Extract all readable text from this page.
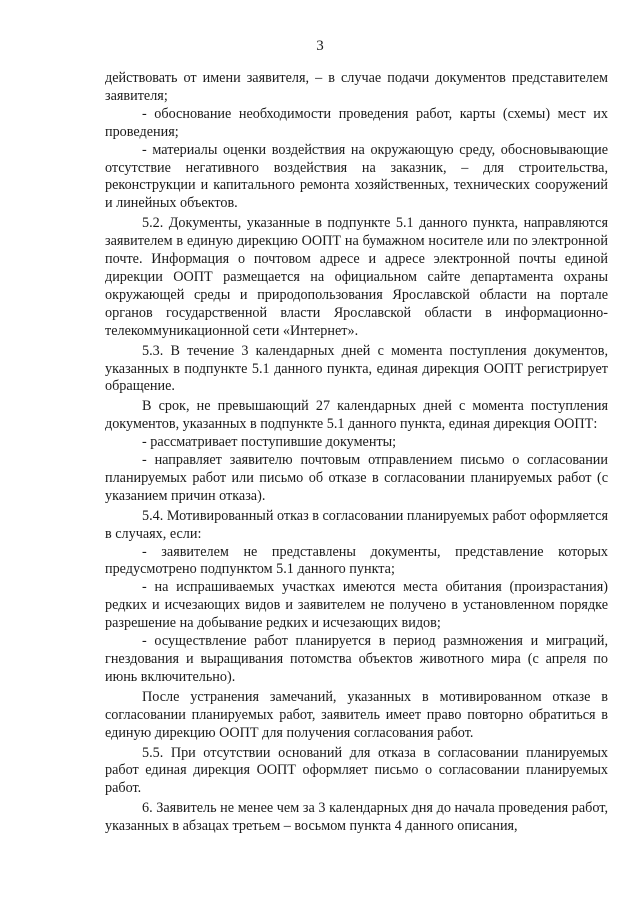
3

действовать от имени заявителя, – в случае подачи документов представителем заявителя;

- обоснование необходимости проведения работ, карты (схемы) мест их проведения;

- материалы оценки воздействия на окружающую среду, обосновывающие отсутствие негативного воздействия на заказник, – для строительства, реконструкции и капитального ремонта хозяйственных, технических сооружений и линейных объектов.

5.2. Документы, указанные в подпункте 5.1 данного пункта, направляются заявителем в единую дирекцию ООПТ на бумажном носителе или по электронной почте. Информация о почтовом адресе и адресе электронной почты единой дирекции ООПТ размещается на официальном сайте департамента охраны окружающей среды и природопользования Ярославской области на портале органов государственной власти Ярославской области в информационно-телекоммуникационной сети «Интернет».

5.3. В течение 3 календарных дней с момента поступления документов, указанных в подпункте 5.1 данного пункта, единая дирекция ООПТ регистрирует обращение.

В срок, не превышающий 27 календарных дней с момента поступления документов, указанных в подпункте 5.1 данного пункта, единая дирекция ООПТ:

- рассматривает поступившие документы;

- направляет заявителю почтовым отправлением письмо о согласовании планируемых работ или письмо об отказе в согласовании планируемых работ (с указанием причин отказа).

5.4. Мотивированный отказ в согласовании планируемых работ оформляется в случаях, если:

- заявителем не представлены документы, представление которых предусмотрено подпунктом 5.1 данного пункта;

- на испрашиваемых участках имеются места обитания (произрастания) редких и исчезающих видов и заявителем не получено в установленном порядке разрешение на добывание редких и исчезающих видов;

- осуществление работ планируется в период размножения и миграций, гнездования и выращивания потомства объектов животного мира (с апреля по июнь включительно).

После устранения замечаний, указанных в мотивированном отказе в согласовании планируемых работ, заявитель имеет право повторно обратиться в единую дирекцию ООПТ для получения согласования работ.

5.5. При отсутствии оснований для отказа в согласовании планируемых работ единая дирекция ООПТ оформляет письмо о согласовании планируемых работ.

6. Заявитель не менее чем за 3 календарных дня до начала проведения работ, указанных в абзацах третьем – восьмом пункта 4 данного описания,
